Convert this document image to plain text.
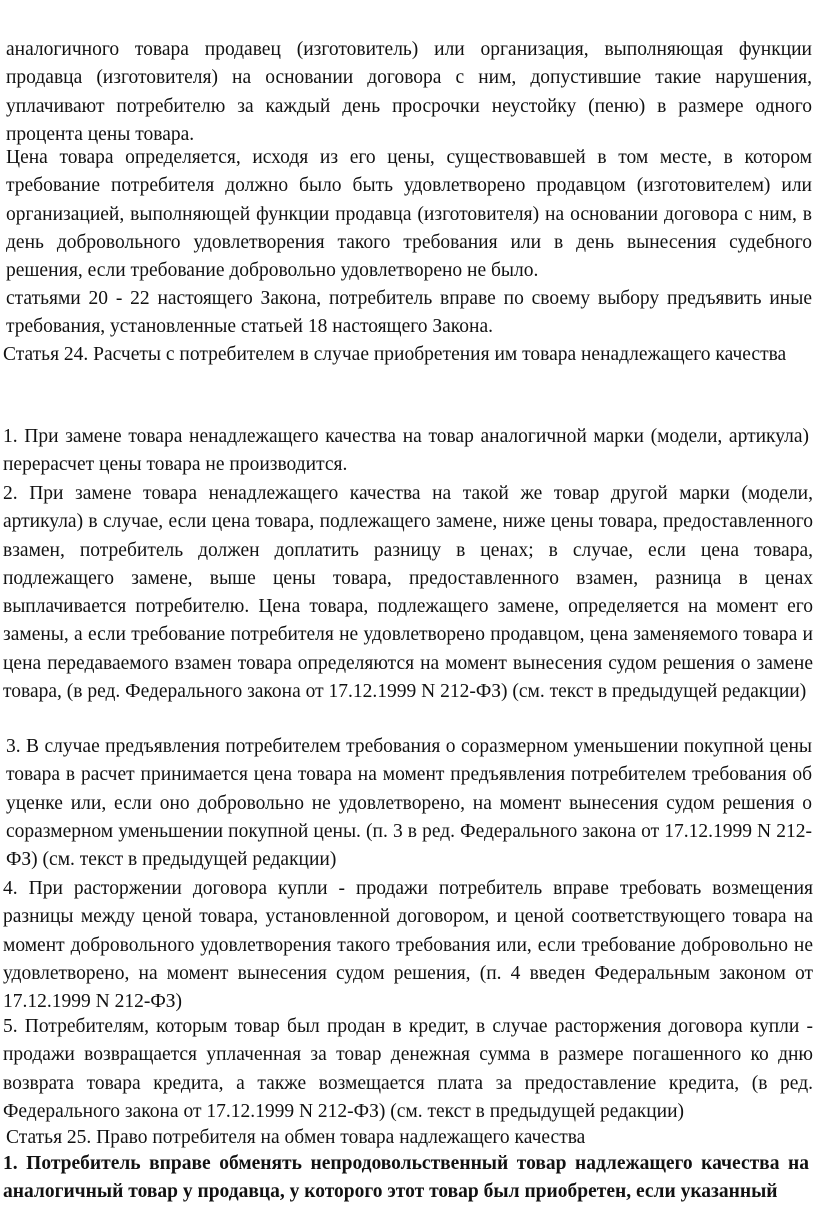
аналогичного товара продавец (изготовитель) или организация, выполняющая функции продавца (изготовителя) на основании договора с ним, допустившие такие нарушения, уплачивают потребителю за каждый день просрочки неустойку (пеню) в размере одного процента цены товара.

Цена товара определяется, исходя из его цены, существовавшей в том месте, в котором требование потребителя должно было быть удовлетворено продавцом (изготовителем) или организацией, выполняющей функции продавца (изготовителя) на основании договора с ним, в день добровольного удовлетворения такого требования или в день вынесения судебного решения, если требование добровольно удовлетворено не было.

статьями 20 - 22 настоящего Закона, потребитель вправе по своему выбору предъявить иные требования, установленные статьей 18 настоящего Закона.

Статья 24. Расчеты с потребителем в случае приобретения им товара ненадлежащего качества

1. При замене товара ненадлежащего качества на товар аналогичной марки (модели, артикула) перерасчет цены товара не производится.

2. При замене товара ненадлежащего качества на такой же товар другой марки (модели, артикула) в случае, если цена товара, подлежащего замене, ниже цены товара, предоставленного взамен, потребитель должен доплатить разницу в ценах; в случае, если цена товара, подлежащего замене, выше цены товара, предоставленного взамен, разница в ценах выплачивается потребителю. Цена товара, подлежащего замене, определяется на момент его замены, а если требование потребителя не удовлетворено продавцом, цена заменяемого товара и цена передаваемого взамен товара определяются на момент вынесения судом решения о замене товара, (в ред. Федерального закона от 17.12.1999 N 212-ФЗ) (см. текст в предыдущей редакции)

3. В случае предъявления потребителем требования о соразмерном уменьшении покупной цены товара в расчет принимается цена товара на момент предъявления потребителем требования об уценке или, если оно добровольно не удовлетворено, на момент вынесения судом решения о соразмерном уменьшении покупной цены. (п. 3 в ред. Федерального закона от 17.12.1999 N 212-ФЗ) (см. текст в предыдущей редакции)

4. При расторжении договора купли - продажи потребитель вправе требовать возмещения разницы между ценой товара, установленной договором, и ценой соответствующего товара на момент добровольного удовлетворения такого требования или, если требование добровольно не удовлетворено, на момент вынесения судом решения, (п. 4 введен Федеральным законом от 17.12.1999 N 212-ФЗ)

5. Потребителям, которым товар был продан в кредит, в случае расторжения договора купли - продажи возвращается уплаченная за товар денежная сумма в размере погашенного ко дню возврата товара кредита, а также возмещается плата за предоставление кредита, (в ред. Федерального закона от 17.12.1999 N 212-ФЗ) (см. текст в предыдущей редакции)

Статья 25. Право потребителя на обмен товара надлежащего качества

1. Потребитель вправе обменять непродовольственный товар надлежащего качества на аналогичный товар у продавца, у которого этот товар был приобретен, если указанный
